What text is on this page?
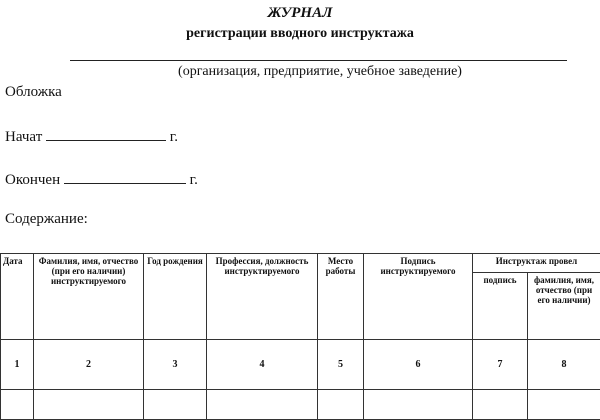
ЖУРНАЛ
регистрации вводного инструктажа
(организация, предприятие, учебное заведение)
Обложка
Начат	г.
Окончен	г.
Содержание:
Дата	Фамилия, имя, отчество (при его наличии) инструктируемого	Год рождения	Профессия, должность инструктируемого	Место работы	Подпись инструктируемого	Инструктаж провел	
						подпись	фамилия, имя, отчество (при его наличии)
1	2	3	4	5	6	7	8
